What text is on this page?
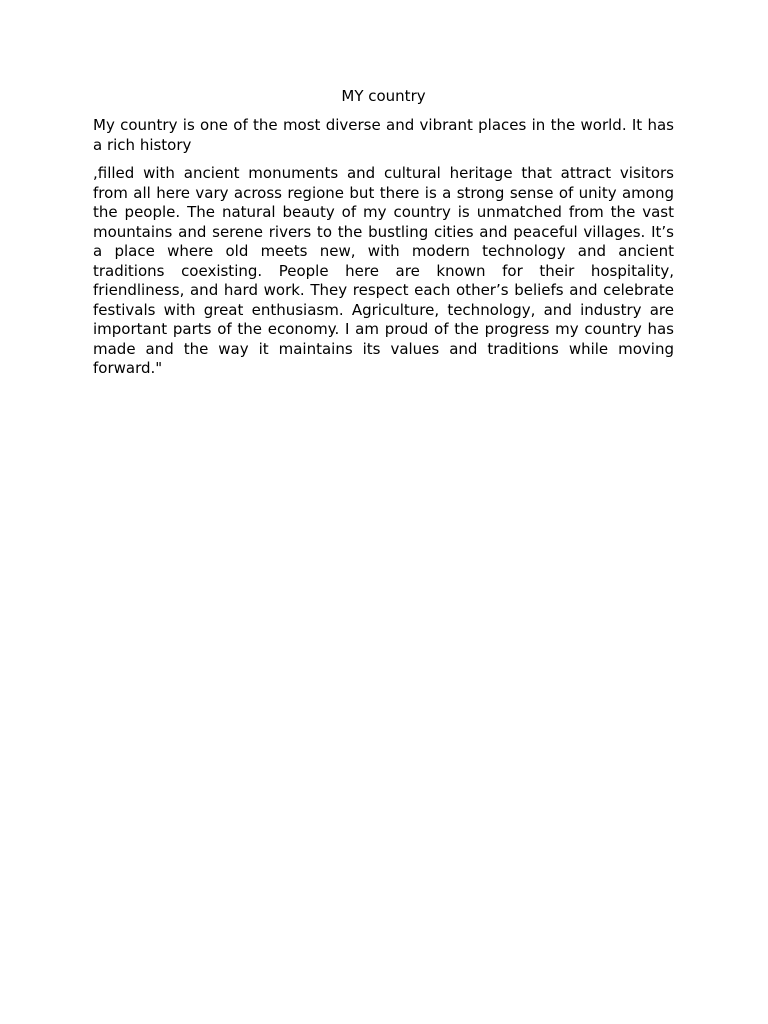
MY country

My country is one of the most diverse and vibrant places in the world. It has a rich history

,filled with ancient monuments and cultural heritage that attract visitors from all here vary across regione but there is a strong sense of unity among the people. The natural beauty of my country is unmatched from the vast mountains and serene rivers to the bustling cities and peaceful villages. It’s a place where old meets new, with modern technology and ancient traditions coexisting. People here are known for their hospitality, friendliness, and hard work. They respect each other’s beliefs and celebrate festivals with great enthusiasm. Agriculture, technology, and industry are important parts of the economy. I am proud of the progress my country has made and the way it maintains its values and traditions while moving forward."
